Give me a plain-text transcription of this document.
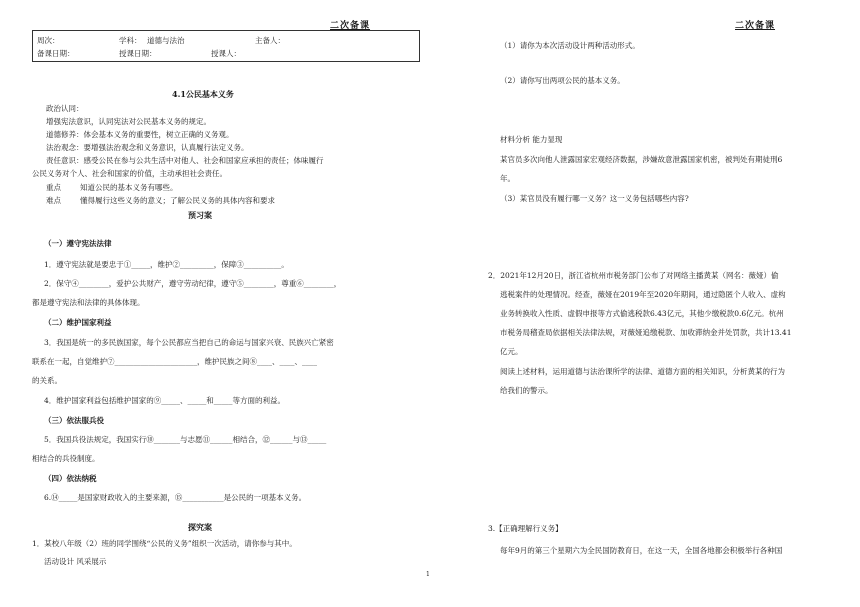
二次备课
周次：	学科： 道德与法治	主备人：
备课日期：	授课日期：	授课人：
4.1公民基本义务
政治认同：
增强宪法意识，认同宪法对公民基本义务的规定。
道德修养：体会基本义务的重要性，树立正确的义务观。
法治观念：要增强法治观念和义务意识，认真履行法定义务。
责任意识：感受公民在参与公共生活中对他人、社会和国家应承担的责任；体味履行
公民义务对个人、社会和国家的价值，主动承担社会责任。
重点	知道公民的基本义务有哪些。
难点	懂得履行这些义务的意义；了解公民义务的具体内容和要求
预习案
（一）遵守宪法法律
1．遵守宪法就是要忠于①_____，维护②_________，保障③__________。
2．保守④________，爱护公共财产，遵守劳动纪律，遵守⑤________，尊重⑥________，
都是遵守宪法和法律的具体体现。
（二）维护国家利益
3．我国是统一的多民族国家，每个公民都应当把自己的命运与国家兴衰、民族兴亡紧密
联系在一起，自觉维护⑦______________________，维护民族之间⑧____、____、____
的关系。
4．维护国家利益包括维护国家的⑨_____、_____和_____等方面的利益。
（三）依法服兵役
5．我国兵役法规定，我国实行⑩_______与志愿⑪______相结合，⑫______与⑬_____
相结合的兵役制度。
（四）依法纳税
6.⑭_____是国家财政收入的主要来源，⑮___________是公民的一项基本义务。
探究案
1．某校八年级（2）班的同学围绕“公民的义务”组织一次活动，请你参与其中。
活动设计 风采展示
1
二次备课
（1）请你为本次活动设计两种活动形式。
（2）请你写出两项公民的基本义务。
材料分析 能力显现
某官员多次向他人泄露国家宏观经济数据，涉嫌故意泄露国家机密，被判处有期徒刑6
年。
（3）某官员没有履行哪一义务？这一义务包括哪些内容?
2．2021年12月20日，浙江省杭州市税务部门公布了对网络主播黄某（网名：薇娅）偷
逃税案件的处理情况。经查，薇娅在2019年至2020年期间，通过隐匿个人收入、虚构
业务转换收入性质、虚假申报等方式偷逃税款6.43亿元，其他少缴税款0.6亿元。杭州
市税务局稽查局依据相关法律法规，对薇娅追缴税款、加收滞纳金并处罚款，共计13.41
亿元。
阅读上述材料，运用道德与法治课所学的法律、道德方面的相关知识，分析黄某的行为
给我们的警示。
3.【正确理解行义务】
每年9月的第三个星期六为全民国防教育日，在这一天，全国各地都会积极举行各种国
